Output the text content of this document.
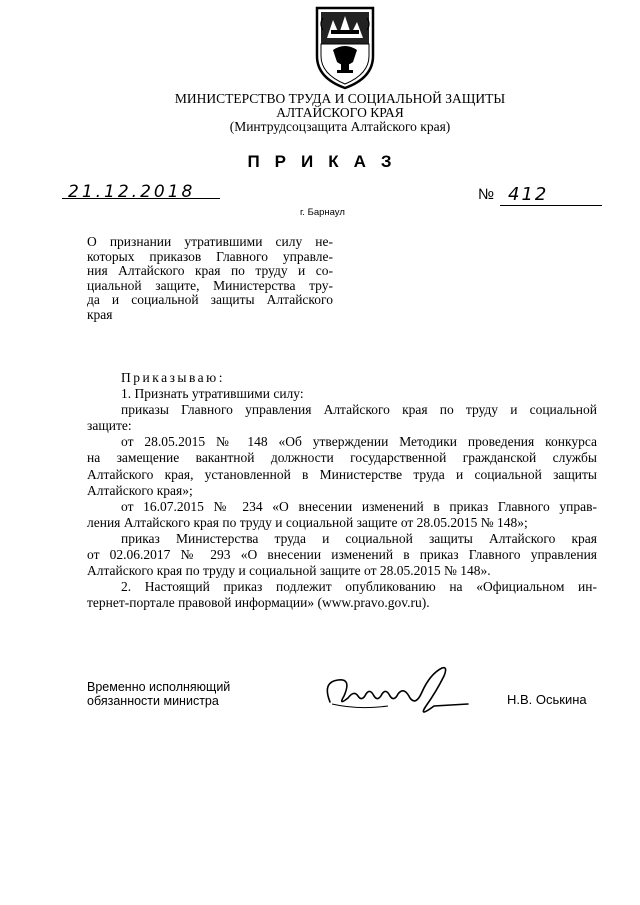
МИНИСТЕРСТВО ТРУДА И СОЦИАЛЬНОЙ ЗАЩИТЫ
АЛТАЙСКОГО КРАЯ
(Минтрудсоцзащита Алтайского края)
ПРИКАЗ
21.12.2018	№ 412
г. Барнаул
О признании утратившими силу не-
которых приказов Главного управле-
ния Алтайского края по труду и со-
циальной защите, Министерства тру-
да и социальной защиты Алтайского
края
Приказываю:
1. Признать утратившими силу:
приказы Главного управления Алтайского края по труду и социальной
защите:
от 28.05.2015 № 148 «Об утверждении Методики проведения конкурса
на замещение вакантной должности государственной гражданской службы
Алтайского края, установленной в Министерстве труда и социальной защиты
Алтайского края»;
от 16.07.2015 № 234 «О внесении изменений в приказ Главного управ-
ления Алтайского края по труду и социальной защите от 28.05.2015 № 148»;
приказ Министерства труда и социальной защиты Алтайского края
от 02.06.2017 № 293 «О внесении изменений в приказ Главного управления
Алтайского края по труду и социальной защите от 28.05.2015 № 148».
2. Настоящий приказ подлежит опубликованию на «Официальном ин-
тернет-портале правовой информации» (www.pravo.gov.ru).
Временно исполняющий
обязанности министра	Н.В. Оськина
